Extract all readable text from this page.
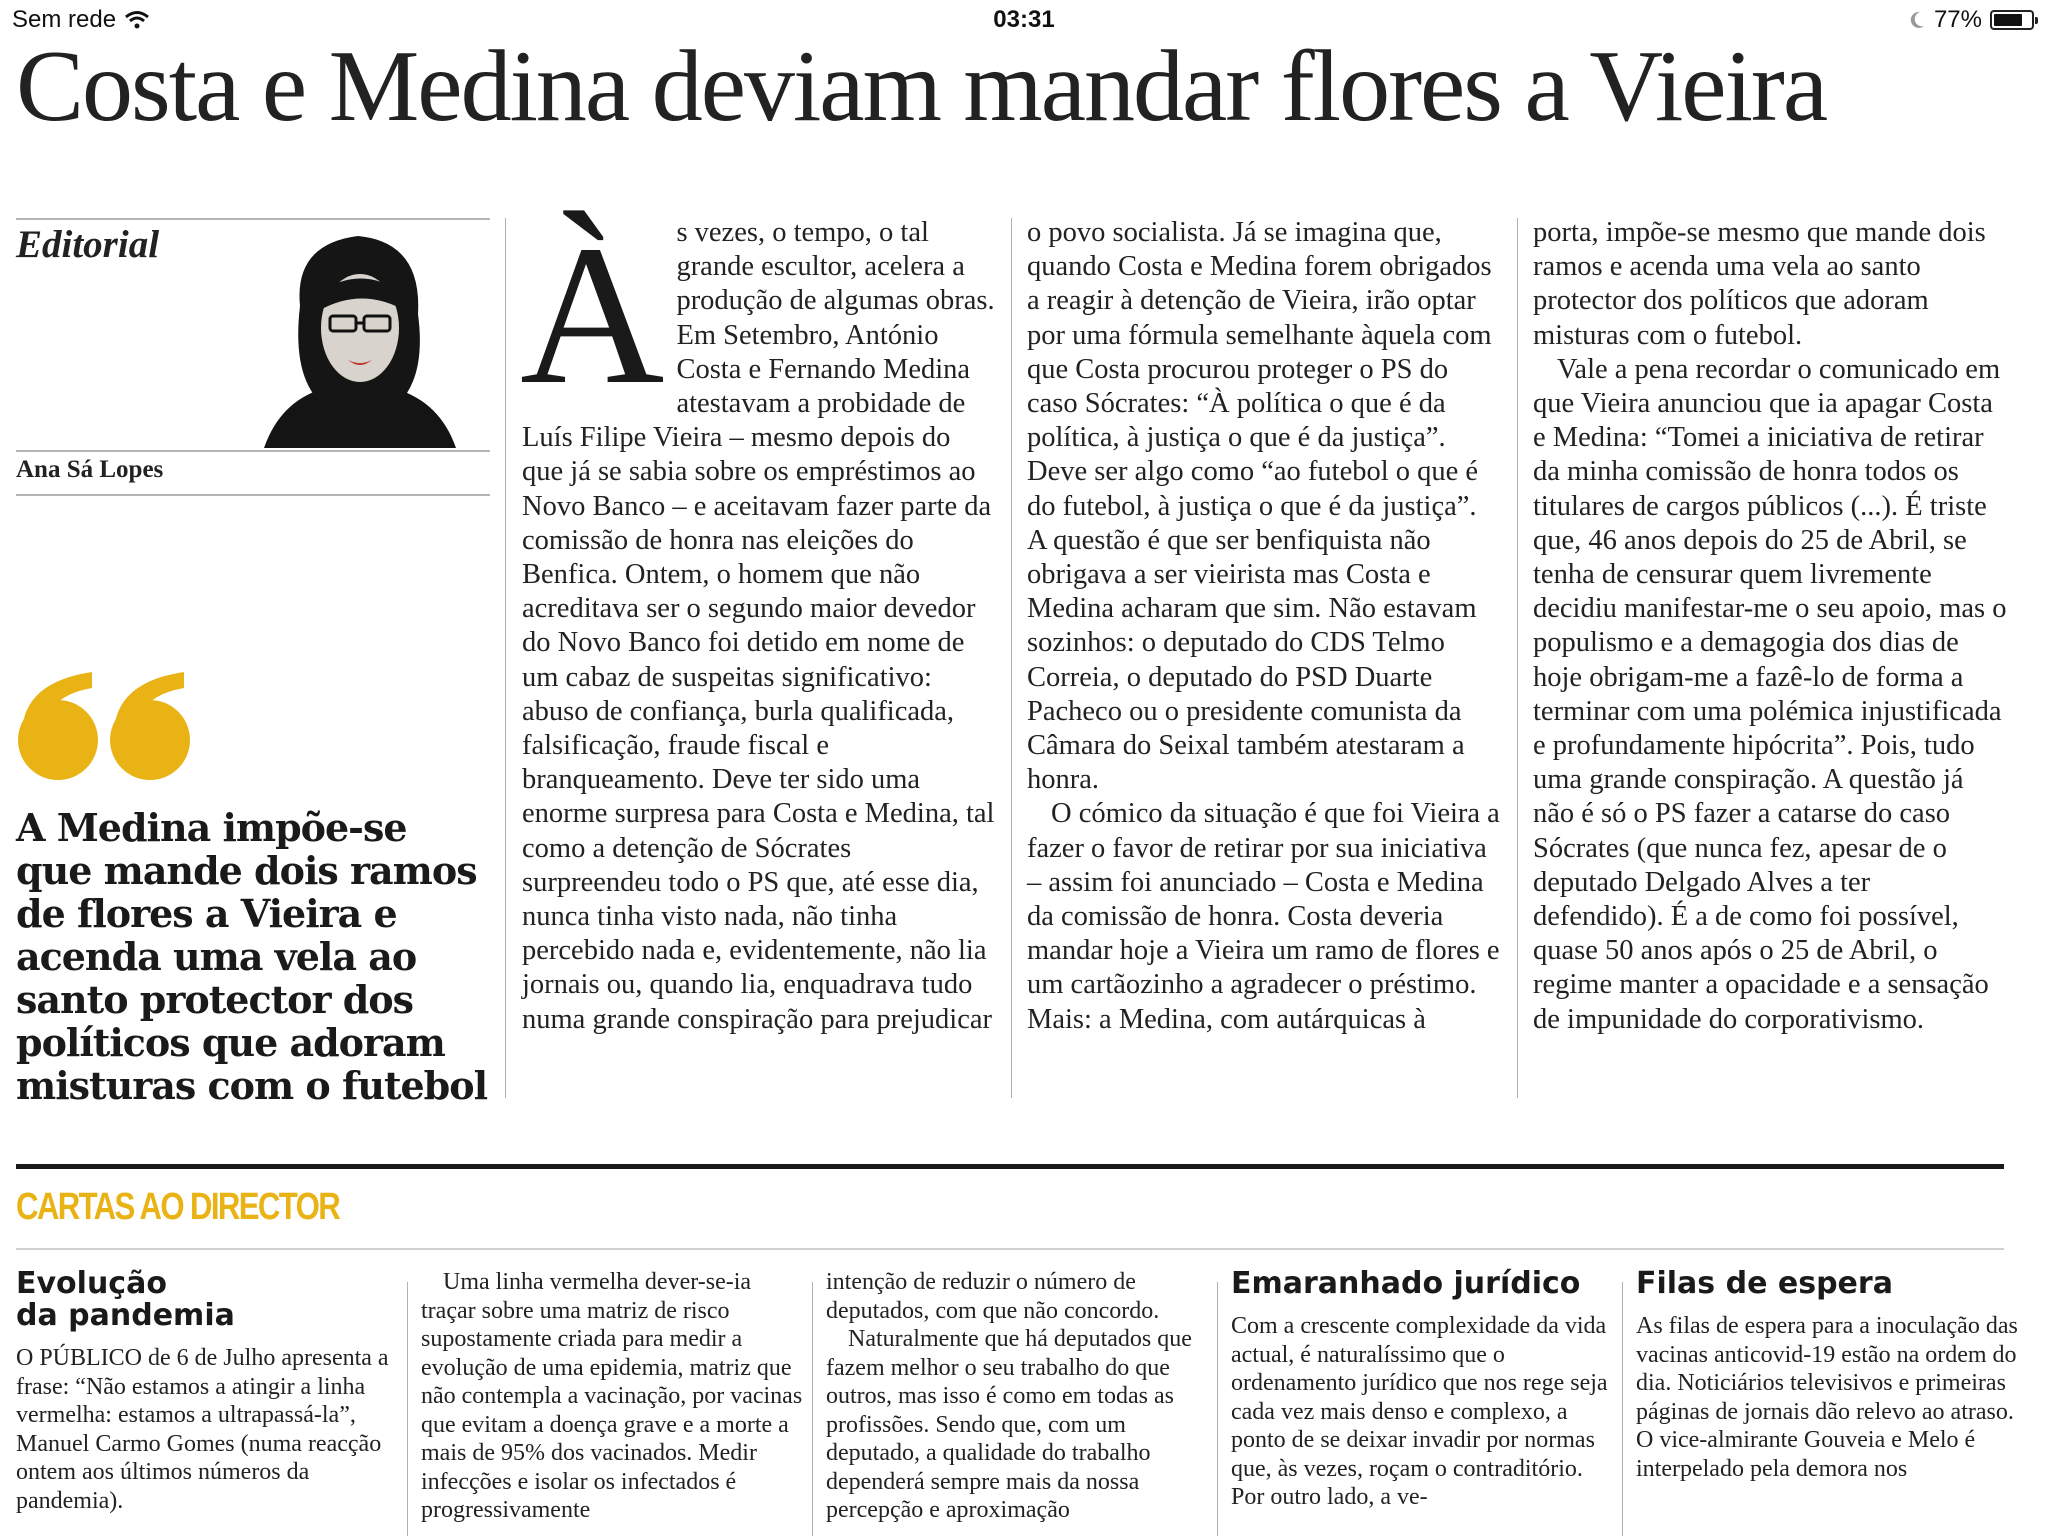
Sem rede	03:31	77%
Costa e Medina deviam mandar flores a Vieira
Editorial
Ana Sá Lopes
A Medina impõe-se que mande dois ramos de flores a Vieira e acenda uma vela ao santo protector dos políticos que adoram misturas com o futebol
À s vezes, o tempo, o tal grande escultor, acelera a produção de algumas obras. Em Setembro, António Costa e Fernando Medina atestavam a probidade de Luís Filipe Vieira – mesmo depois do que já se sabia sobre os empréstimos ao Novo Banco – e aceitavam fazer parte da comissão de honra nas eleições do Benfica. Ontem, o homem que não acreditava ser o segundo maior devedor do Novo Banco foi detido em nome de um cabaz de suspeitas significativo: abuso de confiança, burla qualificada, falsificação, fraude fiscal e branqueamento. Deve ter sido uma enorme surpresa para Costa e Medina, tal como a detenção de Sócrates surpreendeu todo o PS que, até esse dia, nunca tinha visto nada, não tinha percebido nada e, evidentemente, não lia jornais ou, quando lia, enquadrava tudo numa grande conspiração para prejudicar

o povo socialista. Já se imagina que, quando Costa e Medina forem obrigados a reagir à detenção de Vieira, irão optar por uma fórmula semelhante àquela com que Costa procurou proteger o PS do caso Sócrates: “À política o que é da política, à justiça o que é da justiça”. Deve ser algo como “ao futebol o que é do futebol, à justiça o que é da justiça”. A questão é que ser benfiquista não obrigava a ser vieirista mas Costa e Medina acharam que sim. Não estavam sozinhos: o deputado do CDS Telmo Correia, o deputado do PSD Duarte Pacheco ou o presidente comunista da Câmara do Seixal também atestaram a honra.

O cómico da situação é que foi Vieira a fazer o favor de retirar por sua iniciativa – assim foi anunciado – Costa e Medina da comissão de honra. Costa deveria mandar hoje a Vieira um ramo de flores e um cartãozinho a agradecer o préstimo. Mais: a Medina, com autárquicas à

porta, impõe-se mesmo que mande dois ramos e acenda uma vela ao santo protector dos políticos que adoram misturas com o futebol.

Vale a pena recordar o comunicado em que Vieira anunciou que ia apagar Costa e Medina: “Tomei a iniciativa de retirar da minha comissão de honra todos os titulares de cargos públicos (...). É triste que, 46 anos depois do 25 de Abril, se tenha de censurar quem livremente decidiu manifestar-me o seu apoio, mas o populismo e a demagogia dos dias de hoje obrigam-me a fazê-lo de forma a terminar com uma polémica injustificada e profundamente hipócrita”. Pois, tudo uma grande conspiração. A questão já não é só o PS fazer a catarse do caso Sócrates (que nunca fez, apesar de o deputado Delgado Alves a ter defendido). É a de como foi possível, quase 50 anos após o 25 de Abril, o regime manter a opacidade e a sensação de impunidade do corporativismo.

CARTAS AO DIRECTOR
Evolução
da pandemia

O PÚBLICO de 6 de Julho apresenta a frase: “Não estamos a atingir a linha vermelha: estamos a ultrapassá-la”, Manuel Carmo Gomes (numa reacção ontem aos últimos números da pandemia).

Uma linha vermelha dever-se-ia traçar sobre uma matriz de risco supostamente criada para medir a evolução de uma epidemia, matriz que não contempla a vacinação, por vacinas que evitam a doença grave e a morte a mais de 95% dos vacinados. Medir infecções e isolar os infectados é progressivamente

intenção de reduzir o número de deputados, com que não concordo.

Naturalmente que há deputados que fazem melhor o seu trabalho do que outros, mas isso é como em todas as profissões. Sendo que, com um deputado, a qualidade do trabalho dependerá sempre mais da nossa percepção e aproximação

Emaranhado jurídico

Com a crescente complexidade da vida actual, é naturalíssimo que o ordenamento jurídico que nos rege seja cada vez mais denso e complexo, a ponto de se deixar invadir por normas que, às vezes, roçam o contraditório. Por outro lado, a ve-

Filas de espera

As filas de espera para a inoculação das vacinas anticovid-19 estão na ordem do dia. Noticiários televisivos e primeiras páginas de jornais dão relevo ao atraso. O vice-almirante Gouveia e Melo é interpelado pela demora nos
